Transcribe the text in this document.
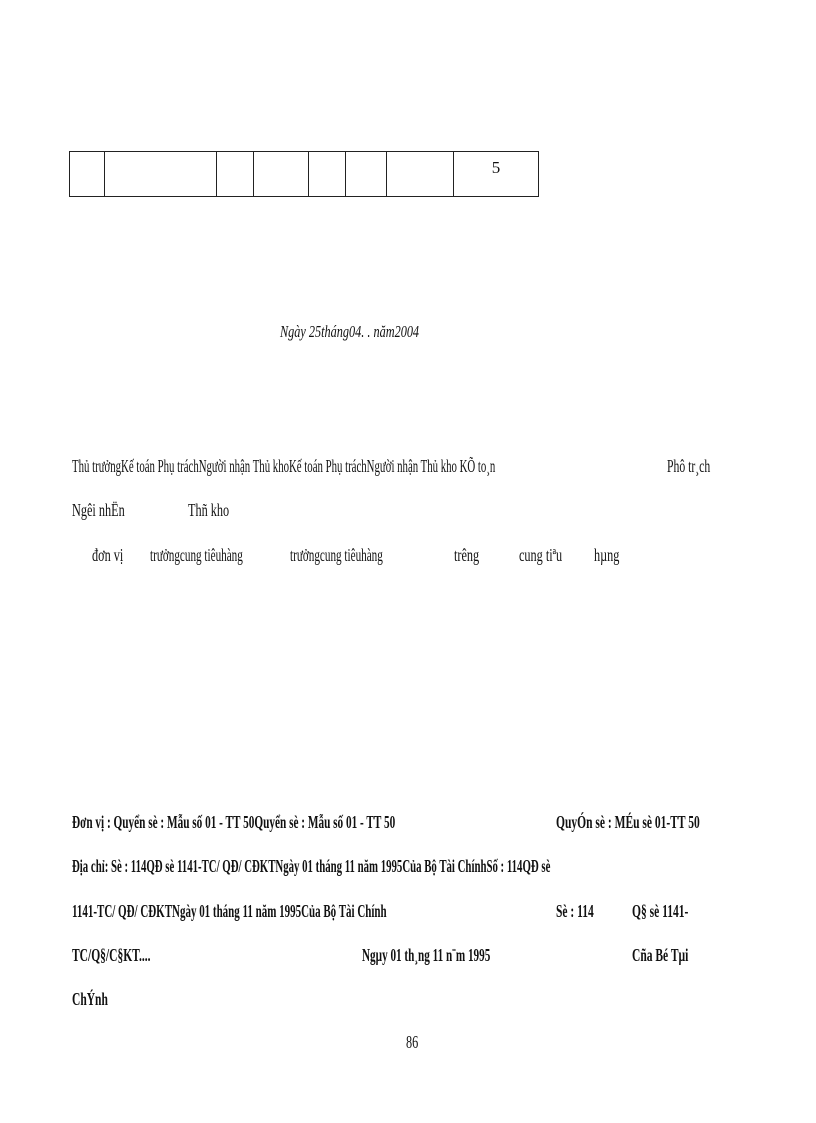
							5
Ngày 25tháng04. . năm2004
Thủ trưởngKế toán Phụ tráchNgười nhận Thủ khoKế toán Phụ tráchNgười nhận Thủ kho KÕ to¸n	Phô tr¸ch
Ngêi nhËn	Thñ kho
đơn vị	trưởngcung tiêuhàng	trưởngcung tiêuhàng	trêng	cung tiªu	hµng
Đơn vị : Quyển sè : Mẫu số 01 - TT 50Quyển sè : Mẫu số 01 - TT 50	QuyÓn sè : MÉu sè 01-TT 50
Địa chỉ: Sè : 114QĐ sè 1141-TC/ QĐ/ CĐKTNgày 01 tháng 11 năm 1995Của Bộ Tài ChínhSố : 114QĐ sè
1141-TC/ QĐ/ CĐKTNgày 01 tháng 11 năm 1995Của Bộ Tài Chính	Sè : 114	Q§ sè 1141-
TC/Q§/C§KT....	Ngµy 01 th¸ng 11 n¨m 1995	Cña Bé Tµi
ChÝnh
86
